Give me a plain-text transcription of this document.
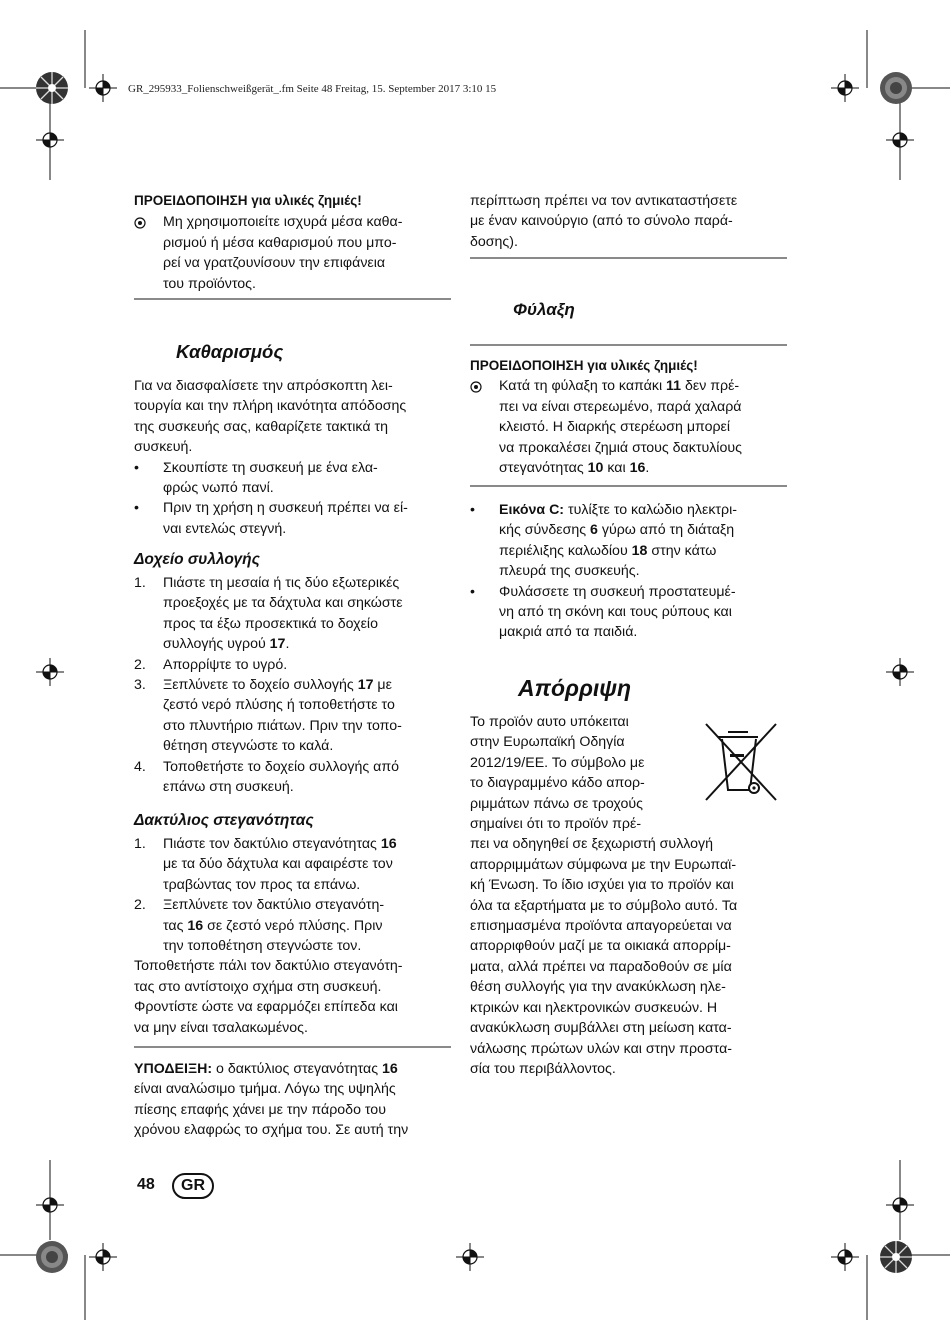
GR_295933_Folienschweißgerät_.fm Seite 48 Freitag, 15. September 2017 3:10 15
ΠΡΟΕΙΔΟΠΟΙΗΣΗ για υλικές ζημιές!
Μη χρησιμοποιείτε ισχυρά μέσα καθα-
ρισμού ή μέσα καθαρισμού που μπο-
ρεί να γρατζουνίσουν την επιφάνεια
του προϊόντος.
Καθαρισμός
Για να διασφαλίσετε την απρόσκοπτη λει-
τουργία και την πλήρη ικανότητα απόδοσης
της συσκευής σας, καθαρίζετε τακτικά τη
συσκευή.
• Σκουπίστε τη συσκευή με ένα ελα-
φρώς νωπό πανί.
• Πριν τη χρήση η συσκευή πρέπει να εί-
ναι εντελώς στεγνή.
Δοχείο συλλογής
1. Πιάστε τη μεσαία ή τις δύο εξωτερικές
προεξοχές με τα δάχτυλα και σηκώστε
προς τα έξω προσεκτικά το δοχείο
συλλογής υγρού 17.
2. Απορρίψτε το υγρό.
3. Ξεπλύνετε το δοχείο συλλογής 17 με
ζεστό νερό πλύσης ή τοποθετήστε το
στο πλυντήριο πιάτων. Πριν την τοπο-
θέτηση στεγνώστε το καλά.
4. Τοποθετήστε το δοχείο συλλογής από
επάνω στη συσκευή.
Δακτύλιος στεγανότητας
1. Πιάστε τον δακτύλιο στεγανότητας 16
με τα δύο δάχτυλα και αφαιρέστε τον
τραβώντας τον προς τα επάνω.
2. Ξεπλύνετε τον δακτύλιο στεγανότη-
τας 16 σε ζεστό νερό πλύσης. Πριν
την τοποθέτηση στεγνώστε τον.
Τοποθετήστε πάλι τον δακτύλιο στεγανότη-
τας στο αντίστοιχο σχήμα στη συσκευή.
Φροντίστε ώστε να εφαρμόζει επίπεδα και
να μην είναι τσαλακωμένος.
ΥΠΟΔΕΙΞΗ: ο δακτύλιος στεγανότητας 16
είναι αναλώσιμο τμήμα. Λόγω της υψηλής
πίεσης επαφής χάνει με την πάροδο του
χρόνου ελαφρώς το σχήμα του. Σε αυτή την
περίπτωση πρέπει να τον αντικαταστήσετε
με έναν καινούργιο (από το σύνολο παρά-
δοσης).
Φύλαξη
ΠΡΟΕΙΔΟΠΟΙΗΣΗ για υλικές ζημιές!
Κατά τη φύλαξη το καπάκι 11 δεν πρέ-
πει να είναι στερεωμένο, παρά χαλαρά
κλειστό. Η διαρκής στερέωση μπορεί
να προκαλέσει ζημιά στους δακτυλίους
στεγανότητας 10 και 16.
• Εικόνα C: τυλίξτε το καλώδιο ηλεκτρι-
κής σύνδεσης 6 γύρω από τη διάταξη
περιέλιξης καλωδίου 18 στην κάτω
πλευρά της συσκευής.
• Φυλάσσετε τη συσκευή προστατευμέ-
νη από τη σκόνη και τους ρύπους και
μακριά από τα παιδιά.
Απόρριψη
Το προϊόν αυτο υπόκειται
στην Ευρωπαϊκή Οδηγία
2012/19/ΕΕ. Το σύμβολο με
το διαγραμμένο κάδο απορ-
ριμμάτων πάνω σε τροχούς
σημαίνει ότι το προϊόν πρέ-
πει να οδηγηθεί σε ξεχωριστή συλλογή
απορριμμάτων σύμφωνα με την Ευρωπαϊ-
κή Ένωση. Το ίδιο ισχύει για το προϊόν και
όλα τα εξαρτήματα με το σύμβολο αυτό. Τα
επισημασμένα προϊόντα απαγορεύεται να
απορριφθούν μαζί με τα οικιακά απορρίμ-
ματα, αλλά πρέπει να παραδοθούν σε μία
θέση συλλογής για την ανακύκλωση ηλε-
κτρικών και ηλεκτρονικών συσκευών. Η
ανακύκλωση συμβάλλει στη μείωση κατα-
νάλωσης πρώτων υλών και στην προστα-
σία του περιβάλλοντος.
48	GR
